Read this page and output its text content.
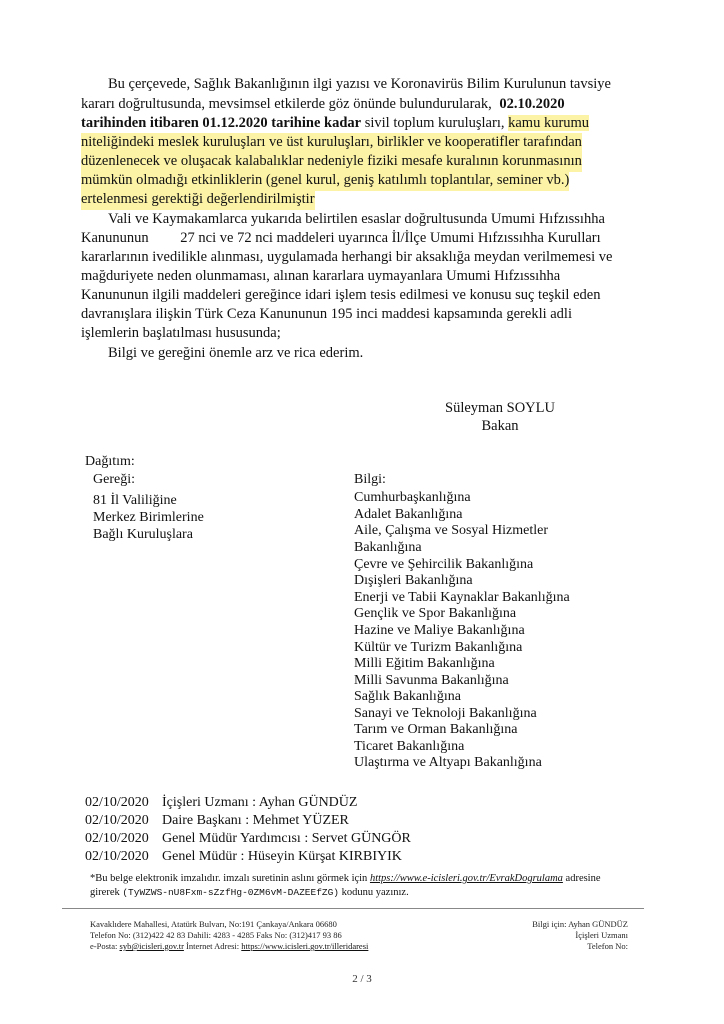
Bu çerçevede, Sağlık Bakanlığının ilgi yazısı ve Koronavirüs Bilim Kurulunun tavsiye
kararı doğrultusunda, mevsimsel etkilerde göz önünde bulundurularak, 02.10.2020
tarihinden itibaren 01.12.2020 tarihine kadar sivil toplum kuruluşları, kamu kurumu
niteliğindeki meslek kuruluşları ve üst kuruluşları, birlikler ve kooperatifler tarafından
düzenlenecek ve oluşacak kalabalıklar nedeniyle fiziki mesafe kuralının korunmasının
mümkün olmadığı etkinliklerin (genel kurul, geniş katılımlı toplantılar, seminer vb.)
ertelenmesi gerektiği değerlendirilmiştir
Vali ve Kaymakamlarca yukarıda belirtilen esaslar doğrultusunda Umumi Hıfzıssıhha
Kanununun 27 nci ve 72 nci maddeleri uyarınca İl/İlçe Umumi Hıfzıssıhha Kurulları
kararlarının ivedilikle alınması, uygulamada herhangi bir aksaklığa meydan verilmemesi ve
mağduriyete neden olunmaması, alınan kararlara uymayanlara Umumi Hıfzıssıhha
Kanununun ilgili maddeleri gereğince idari işlem tesis edilmesi ve konusu suç teşkil eden
davranışlara ilişkin Türk Ceza Kanununun 195 inci maddesi kapsamında gerekli adli
işlemlerin başlatılması hususunda;
Bilgi ve gereğini önemle arz ve rica ederim.
Süleyman SOYLU
Bakan
Dağıtım:
Gereği:
81 İl Valiliğine
Merkez Birimlerine
Bağlı Kuruluşlara
Bilgi:
Cumhurbaşkanlığına
Adalet Bakanlığına
Aile, Çalışma ve Sosyal Hizmetler
Bakanlığına
Çevre ve Şehircilik Bakanlığına
Dışişleri Bakanlığına
Enerji ve Tabii Kaynaklar Bakanlığına
Gençlik ve Spor Bakanlığına
Hazine ve Maliye Bakanlığına
Kültür ve Turizm Bakanlığına
Milli Eğitim Bakanlığına
Milli Savunma Bakanlığına
Sağlık Bakanlığına
Sanayi ve Teknoloji Bakanlığına
Tarım ve Orman Bakanlığına
Ticaret Bakanlığına
Ulaştırma ve Altyapı Bakanlığına
02/10/2020 İçişleri Uzmanı : Ayhan GÜNDÜZ
02/10/2020 Daire Başkanı : Mehmet YÜZER
02/10/2020 Genel Müdür Yardımcısı : Servet GÜNGÖR
02/10/2020 Genel Müdür : Hüseyin Kürşat KIRBIYIK
*Bu belge elektronik imzalıdır. imzalı suretinin aslını görmek için https://www.e-icisleri.gov.tr/EvrakDogrulama adresine
girerek (TyWZWS-nU8Fxm-sZzfHg-0ZM6vM-DAZEEfZG) kodunu yazınız.
Kavaklıdere Mahallesi, Atatürk Bulvarı, No:191 Çankaya/Ankara 06680
Telefon No: (312)422 42 83 Dahili: 4283 - 4285 Faks No: (312)417 93 86
e-Posta: syb@icisleri.gov.tr İnternet Adresi: https://www.icisleri.gov.tr/illeridaresi
Bilgi için: Ayhan GÜNDÜZ
İçişleri Uzmanı
Telefon No:
2 / 3
